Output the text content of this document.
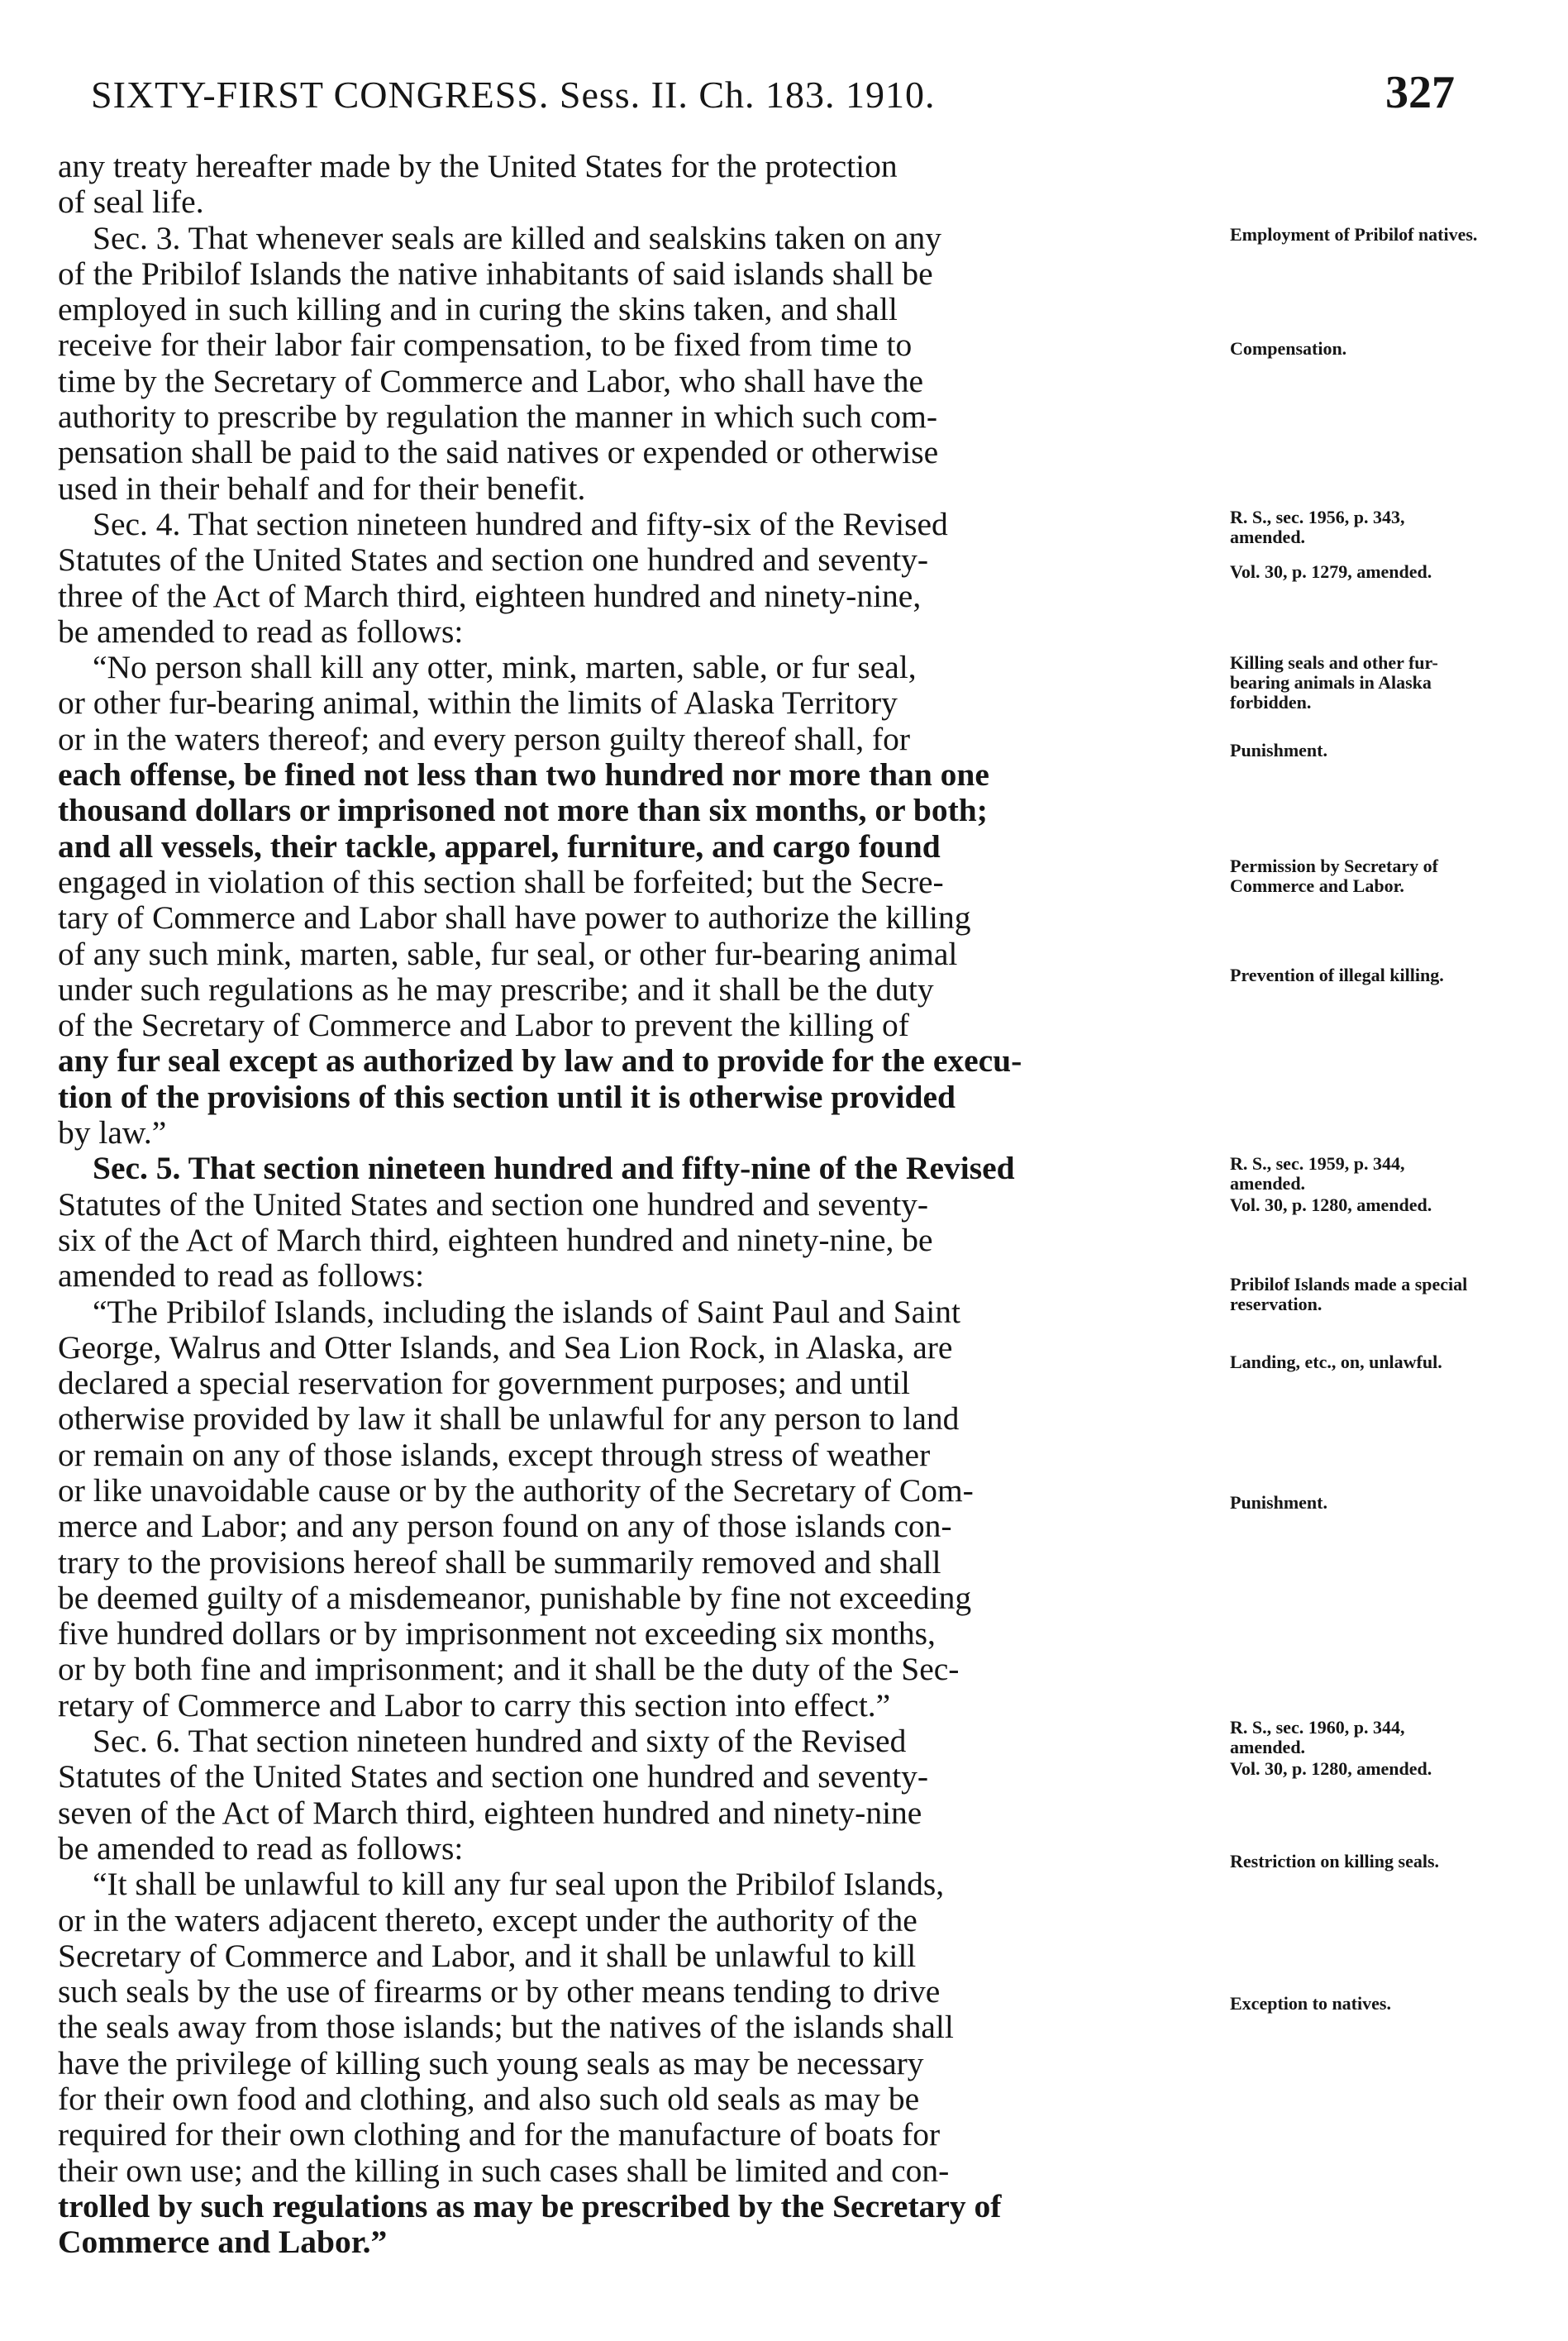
SIXTY-FIRST CONGRESS. Sess. II. Ch. 183. 1910.	327
any treaty hereafter made by the United States for the protection
of seal life.
Sec. 3. That whenever seals are killed and sealskins taken on any
of the Pribilof Islands the native inhabitants of said islands shall be
employed in such killing and in curing the skins taken, and shall
receive for their labor fair compensation, to be fixed from time to
time by the Secretary of Commerce and Labor, who shall have the
authority to prescribe by regulation the manner in which such com-
pensation shall be paid to the said natives or expended or otherwise
used in their behalf and for their benefit.
Sec. 4. That section nineteen hundred and fifty-six of the Revised
Statutes of the United States and section one hundred and seventy-
three of the Act of March third, eighteen hundred and ninety-nine,
be amended to read as follows:
“No person shall kill any otter, mink, marten, sable, or fur seal,
or other fur-bearing animal, within the limits of Alaska Territory
or in the waters thereof; and every person guilty thereof shall, for
each offense, be fined not less than two hundred nor more than one
thousand dollars or imprisoned not more than six months, or both;
and all vessels, their tackle, apparel, furniture, and cargo found
engaged in violation of this section shall be forfeited; but the Secre-
tary of Commerce and Labor shall have power to authorize the killing
of any such mink, marten, sable, fur seal, or other fur-bearing animal
under such regulations as he may prescribe; and it shall be the duty
of the Secretary of Commerce and Labor to prevent the killing of
any fur seal except as authorized by law and to provide for the execu-
tion of the provisions of this section until it is otherwise provided
by law.”
Sec. 5. That section nineteen hundred and fifty-nine of the Revised
Statutes of the United States and section one hundred and seventy-
six of the Act of March third, eighteen hundred and ninety-nine, be
amended to read as follows:
“The Pribilof Islands, including the islands of Saint Paul and Saint
George, Walrus and Otter Islands, and Sea Lion Rock, in Alaska, are
declared a special reservation for government purposes; and until
otherwise provided by law it shall be unlawful for any person to land
or remain on any of those islands, except through stress of weather
or like unavoidable cause or by the authority of the Secretary of Com-
merce and Labor; and any person found on any of those islands con-
trary to the provisions hereof shall be summarily removed and shall
be deemed guilty of a misdemeanor, punishable by fine not exceeding
five hundred dollars or by imprisonment not exceeding six months,
or by both fine and imprisonment; and it shall be the duty of the Sec-
retary of Commerce and Labor to carry this section into effect.”
Sec. 6. That section nineteen hundred and sixty of the Revised
Statutes of the United States and section one hundred and seventy-
seven of the Act of March third, eighteen hundred and ninety-nine
be amended to read as follows:
“It shall be unlawful to kill any fur seal upon the Pribilof Islands,
or in the waters adjacent thereto, except under the authority of the
Secretary of Commerce and Labor, and it shall be unlawful to kill
such seals by the use of firearms or by other means tending to drive
the seals away from those islands; but the natives of the islands shall
have the privilege of killing such young seals as may be necessary
for their own food and clothing, and also such old seals as may be
required for their own clothing and for the manufacture of boats for
their own use; and the killing in such cases shall be limited and con-
trolled by such regulations as may be prescribed by the Secretary of
Commerce and Labor.”
Employment of Pribilof natives.
Compensation.
R. S., sec. 1956, p. 343, amended.
Vol. 30, p. 1279, amended.
Killing seals and other fur-bearing animals in Alaska forbidden.
Punishment.
Permission by Secretary of Commerce and Labor.
Prevention of illegal killing.
R. S., sec. 1959, p. 344, amended.
Vol. 30, p. 1280, amended.
Pribilof Islands made a special reservation.
Landing, etc., on, unlawful.
Punishment.
R. S., sec. 1960, p. 344, amended.
Vol. 30, p. 1280, amended.
Restriction on killing seals.
Exception to natives.
